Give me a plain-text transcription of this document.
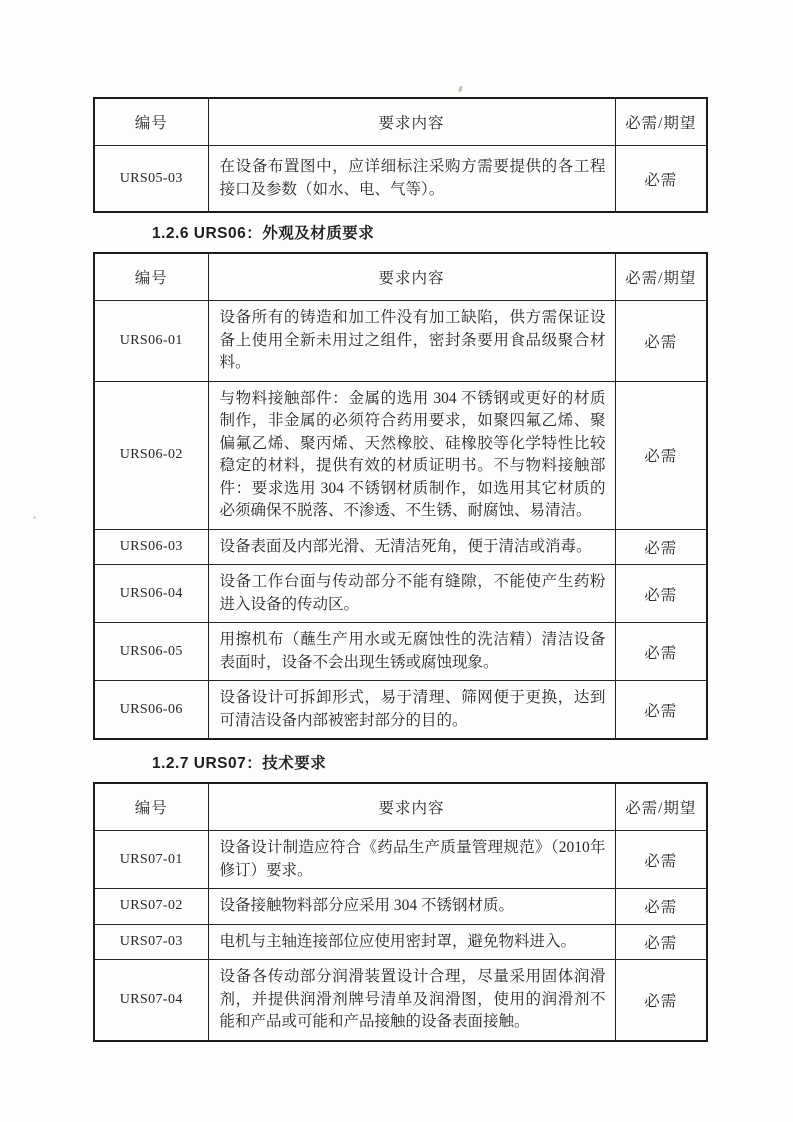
编号	要求内容	必需/期望
URS05-03	在设备布置图中，应详细标注采购方需要提供的各工程接口及参数（如水、电、气等）。	必需
1.2.6 URS06：外观及材质要求
编号	要求内容	必需/期望
URS06-01	设备所有的铸造和加工件没有加工缺陷，供方需保证设备上使用全新未用过之组件，密封条要用食品级聚合材料。	必需
URS06-02	与物料接触部件：金属的选用 304 不锈钢或更好的材质制作，非金属的必须符合药用要求，如聚四氟乙烯、聚偏氟乙烯、聚丙烯、天然橡胶、硅橡胶等化学特性比较稳定的材料，提供有效的材质证明书。不与物料接触部件：要求选用 304 不锈钢材质制作，如选用其它材质的必须确保不脱落、不渗透、不生锈、耐腐蚀、易清洁。	必需
URS06-03	设备表面及内部光滑、无清洁死角，便于清洁或消毒。	必需
URS06-04	设备工作台面与传动部分不能有缝隙，不能使产生药粉进入设备的传动区。	必需
URS06-05	用擦机布（蘸生产用水或无腐蚀性的洗洁精）清洁设备表面时，设备不会出现生锈或腐蚀现象。	必需
URS06-06	设备设计可拆卸形式，易于清理、筛网便于更换，达到可清洁设备内部被密封部分的目的。	必需
1.2.7 URS07：技术要求
编号	要求内容	必需/期望
URS07-01	设备设计制造应符合《药品生产质量管理规范》（2010年修订）要求。	必需
URS07-02	设备接触物料部分应采用 304 不锈钢材质。	必需
URS07-03	电机与主轴连接部位应使用密封罩，避免物料进入。	必需
URS07-04	设备各传动部分润滑装置设计合理，尽量采用固体润滑剂，并提供润滑剂牌号清单及润滑图，使用的润滑剂不能和产品或可能和产品接触的设备表面接触。	必需
